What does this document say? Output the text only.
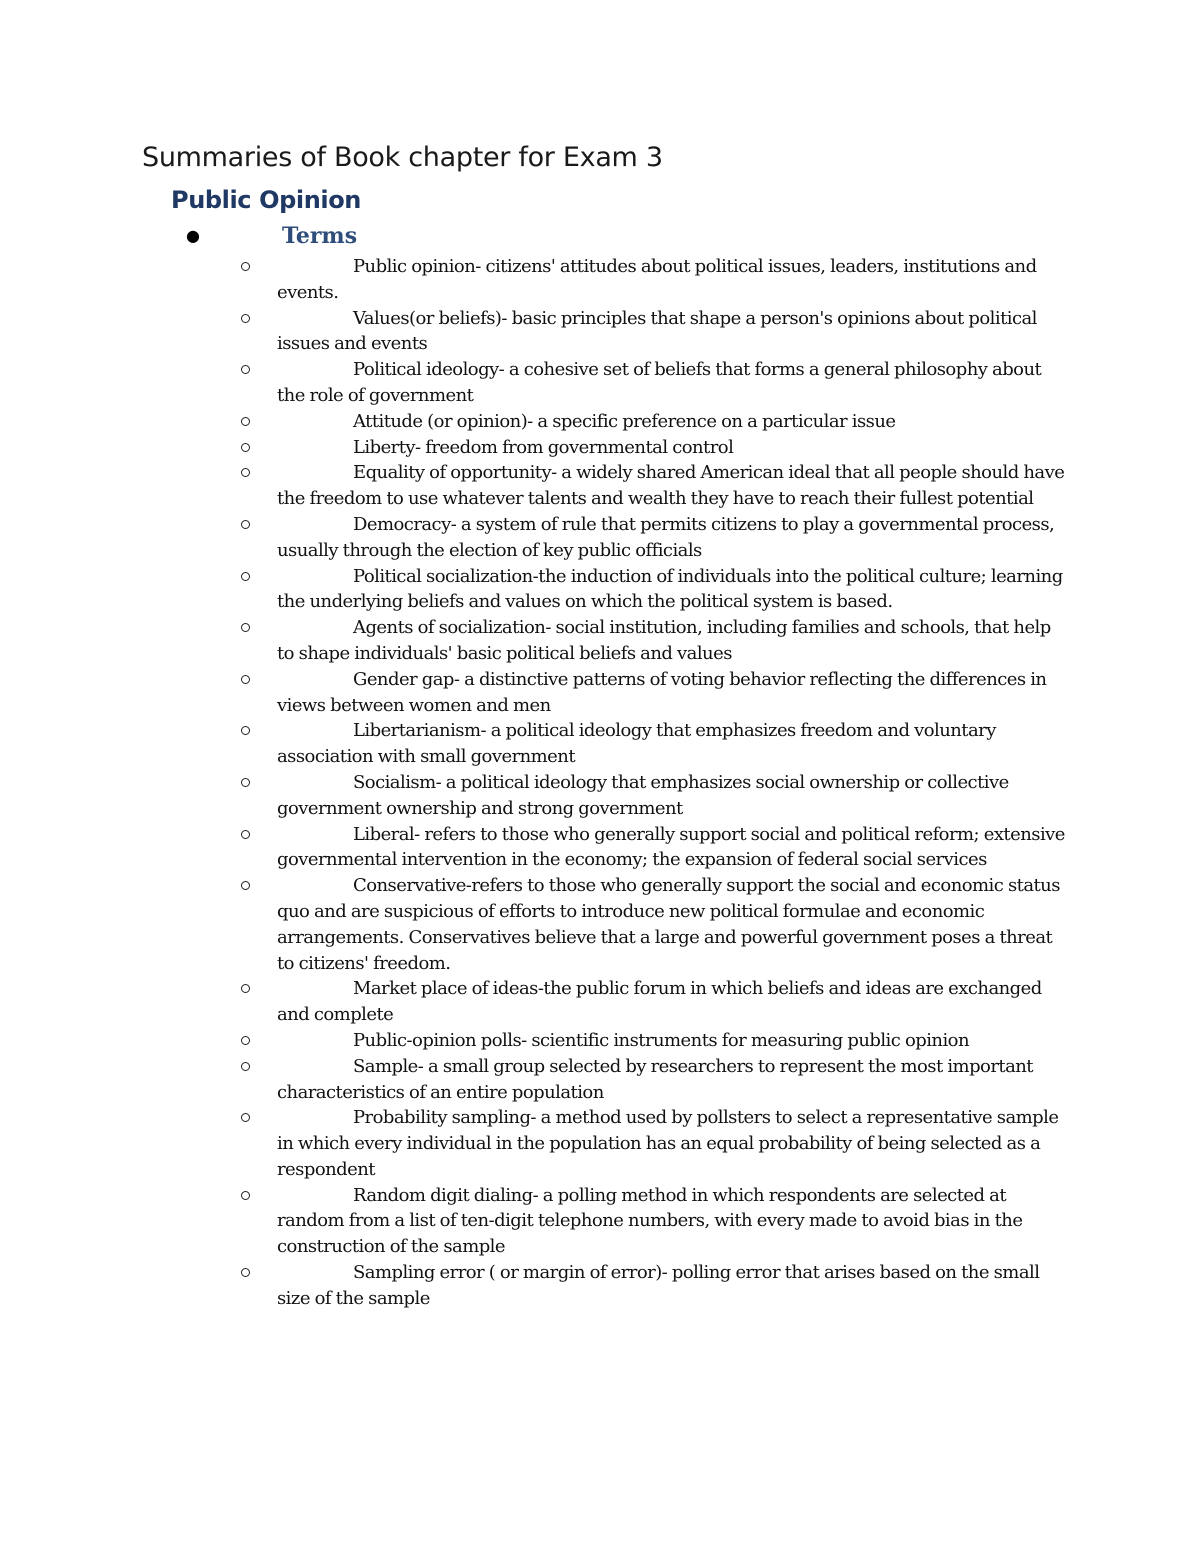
Summaries of Book chapter for Exam 3
Public Opinion
●	Terms
Public opinion- citizens' attitudes about political issues, leaders, institutions and events.
Values(or beliefs)- basic principles that shape a person's opinions about political issues and events
Political ideology- a cohesive set of beliefs that forms a general philosophy about the role of government
Attitude (or opinion)- a specific preference on a particular issue
Liberty- freedom from governmental control
Equality of opportunity- a widely shared American ideal that all people should have the freedom to use whatever talents and wealth they have to reach their fullest potential
Democracy- a system of rule that permits citizens to play a governmental process, usually through the election of key public officials
Political socialization-the induction of individuals into the political culture; learning the underlying beliefs and values on which the political system is based.
Agents of socialization- social institution, including families and schools, that help to shape individuals' basic political beliefs and values
Gender gap- a distinctive patterns of voting behavior reflecting the differences in views between women and men
Libertarianism- a political ideology that emphasizes freedom and voluntary association with small government
Socialism- a political ideology that emphasizes social ownership or collective government ownership and strong government
Liberal- refers to those who generally support social and political reform; extensive governmental intervention in the economy; the expansion of federal social services
Conservative-refers to those who generally support the social and economic status quo and are suspicious of efforts to introduce new political formulae and economic arrangements. Conservatives believe that a large and powerful government poses a threat to citizens' freedom.
Market place of ideas-the public forum in which beliefs and ideas are exchanged and complete
Public-opinion polls- scientific instruments for measuring public opinion
Sample- a small group selected by researchers to represent the most important characteristics of an entire population
Probability sampling- a method used by pollsters to select a representative sample in which every individual in the population has an equal probability of being selected as a respondent
Random digit dialing- a polling method in which respondents are selected at random from a list of ten-digit telephone numbers, with every made to avoid bias in the construction of the sample
Sampling error ( or margin of error)- polling error that arises based on the small size of the sample
